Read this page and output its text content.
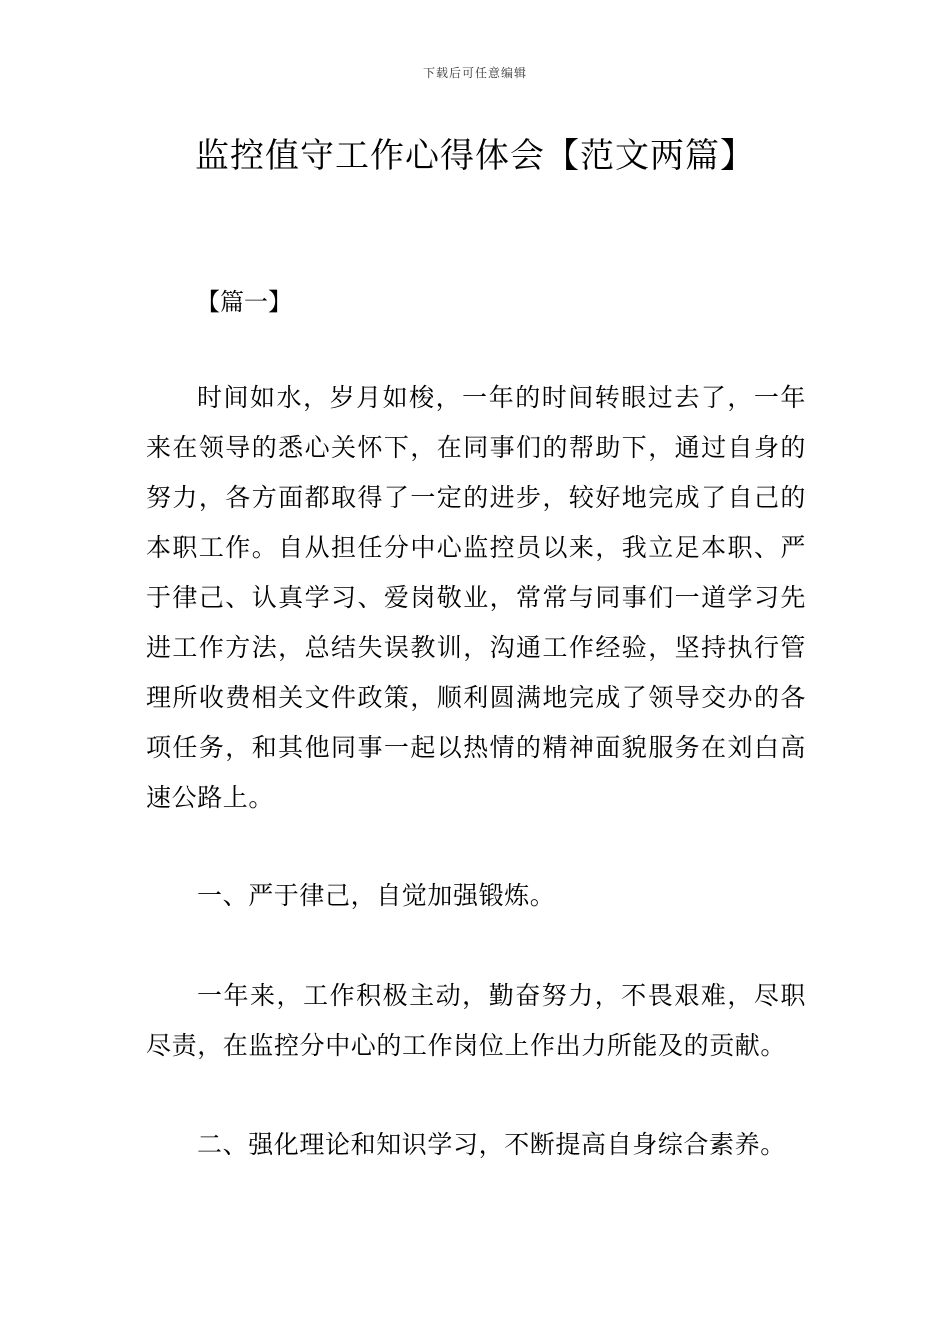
下载后可任意编辑
监控值守工作心得体会【范文两篇】

【篇一】

时间如水，岁月如梭，一年的时间转眼过去了，一年来在领导的悉心关怀下，在同事们的帮助下，通过自身的努力，各方面都取得了一定的进步，较好地完成了自己的本职工作。自从担任分中心监控员以来，我立足本职、严于律己、认真学习、爱岗敬业，常常与同事们一道学习先进工作方法，总结失误教训，沟通工作经验，坚持执行管理所收费相关文件政策，顺利圆满地完成了领导交办的各项任务，和其他同事一起以热情的精神面貌服务在刘白高速公路上。

一、严于律己，自觉加强锻炼。

一年来，工作积极主动，勤奋努力，不畏艰难，尽职尽责，在监控分中心的工作岗位上作出力所能及的贡献。

二、强化理论和知识学习，不断提高自身综合素养。
